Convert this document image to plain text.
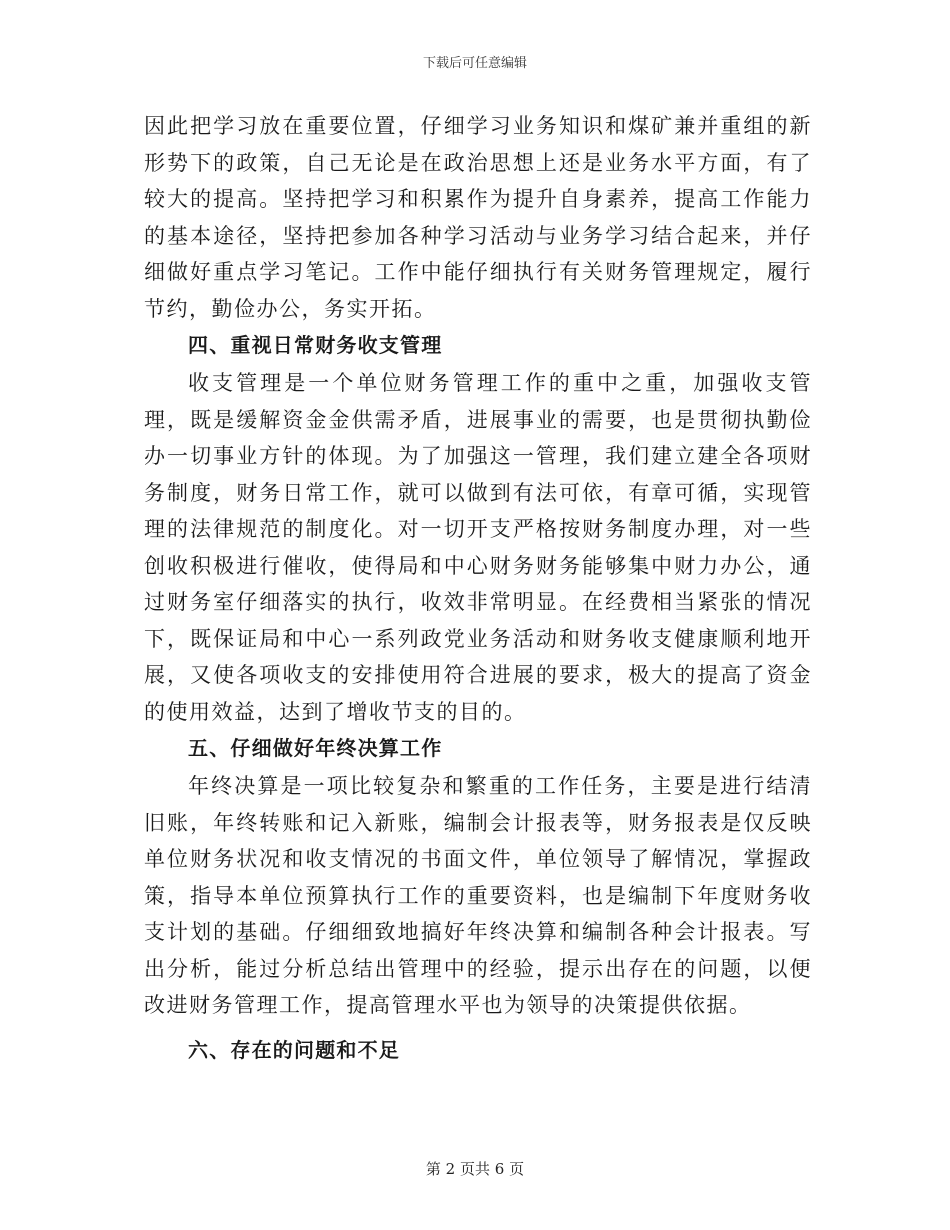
下载后可任意编辑

因此把学习放在重要位置，仔细学习业务知识和煤矿兼并重组的新形势下的政策，自己无论是在政治思想上还是业务水平方面，有了较大的提高。坚持把学习和积累作为提升自身素养，提高工作能力的基本途径，坚持把参加各种学习活动与业务学习结合起来，并仔细做好重点学习笔记。工作中能仔细执行有关财务管理规定，履行节约，勤俭办公，务实开拓。

四、重视日常财务收支管理

收支管理是一个单位财务管理工作的重中之重，加强收支管理，既是缓解资金金供需矛盾，进展事业的需要，也是贯彻执勤俭办一切事业方针的体现。为了加强这一管理，我们建立建全各项财务制度，财务日常工作，就可以做到有法可依，有章可循，实现管理的法律规范的制度化。对一切开支严格按财务制度办理，对一些创收积极进行催收，使得局和中心财务财务能够集中财力办公，通过财务室仔细落实的执行，收效非常明显。在经费相当紧张的情况下，既保证局和中心一系列政党业务活动和财务收支健康顺利地开展，又使各项收支的安排使用符合进展的要求，极大的提高了资金的使用效益，达到了增收节支的目的。

五、仔细做好年终决算工作

年终决算是一项比较复杂和繁重的工作任务，主要是进行结清旧账，年终转账和记入新账，编制会计报表等，财务报表是仅反映单位财务状况和收支情况的书面文件，单位领导了解情况，掌握政策，指导本单位预算执行工作的重要资料，也是编制下年度财务收支计划的基础。仔细细致地搞好年终决算和编制各种会计报表。写出分析，能过分析总结出管理中的经验，提示出存在的问题，以便改进财务管理工作，提高管理水平也为领导的决策提供依据。

六、存在的问题和不足
第 2 页共 6 页
